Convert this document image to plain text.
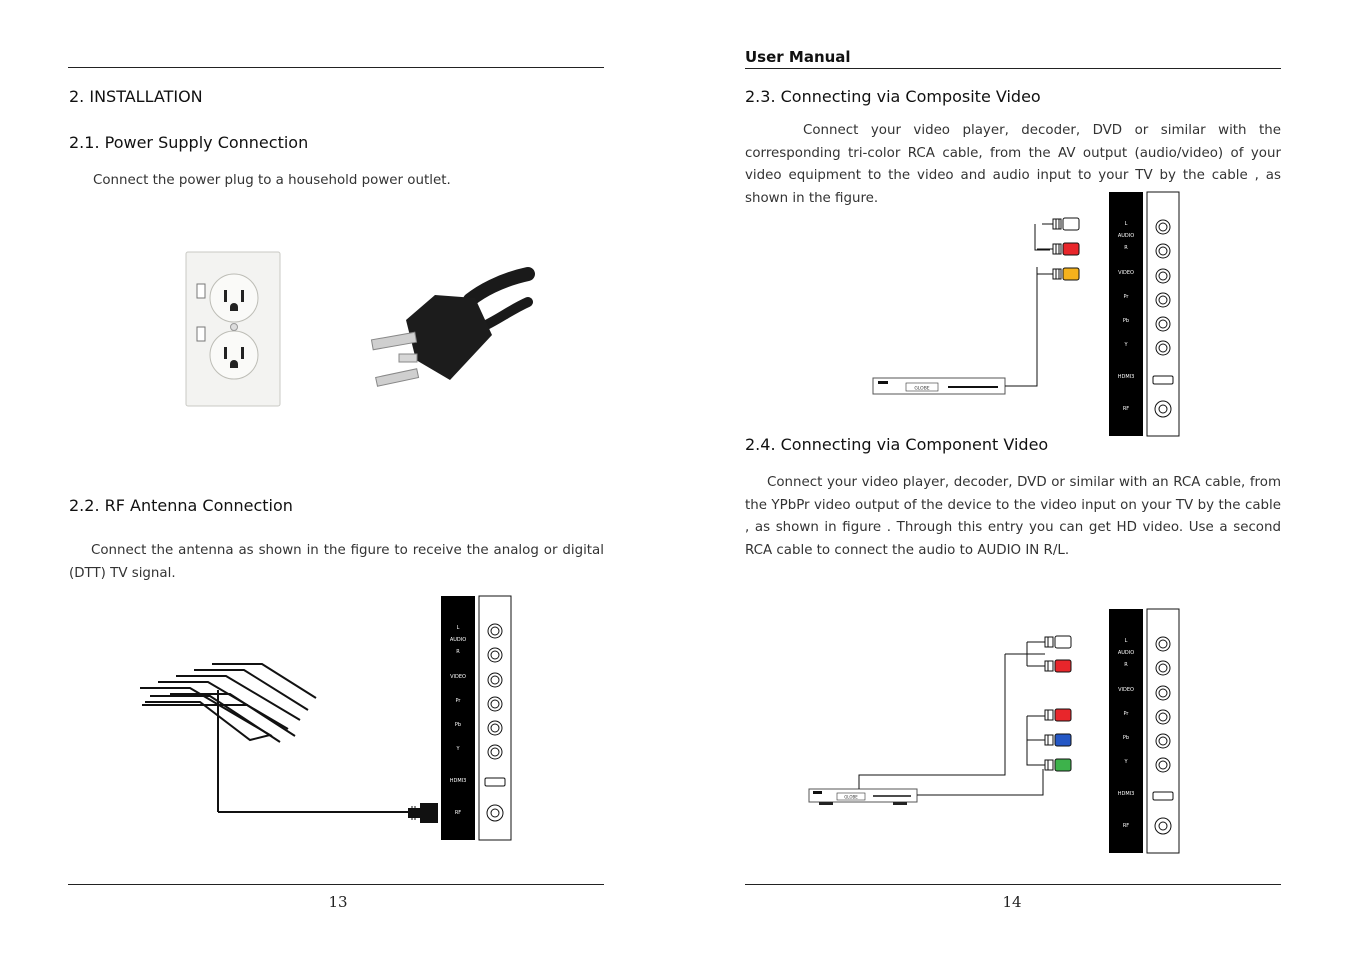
2. INSTALLATION
2.1. Power Supply Connection
Connect the power plug to a household power outlet.
2.2. RF Antenna Connection
Connect the antenna as shown in the figure to receive the analog or digital (DTT) TV signal.
L
AUDIO
R
VIDEO
Pr
Pb
Y
HDMI3
RF
13
User Manual
2.3. Connecting via Composite Video
Connect your video player, decoder, DVD or similar with the corresponding tri-color RCA cable, from the AV output (audio/video) of your video equipment to the video and audio input to your TV by the cable , as shown in the figure.
GLOBE
L
AUDIO
R
VIDEO
Pr
Pb
Y
HDMI3
RF
2.4. Connecting via Component Video
Connect your video player, decoder, DVD or similar with an RCA cable, from the YPbPr video output of the device to the video input on your TV by the cable , as shown in figure . Through this entry you can get HD video. Use a second RCA cable to connect the audio to AUDIO IN R/L.
GLOBE
L
AUDIO
R
VIDEO
Pr
Pb
Y
HDMI3
RF
14
